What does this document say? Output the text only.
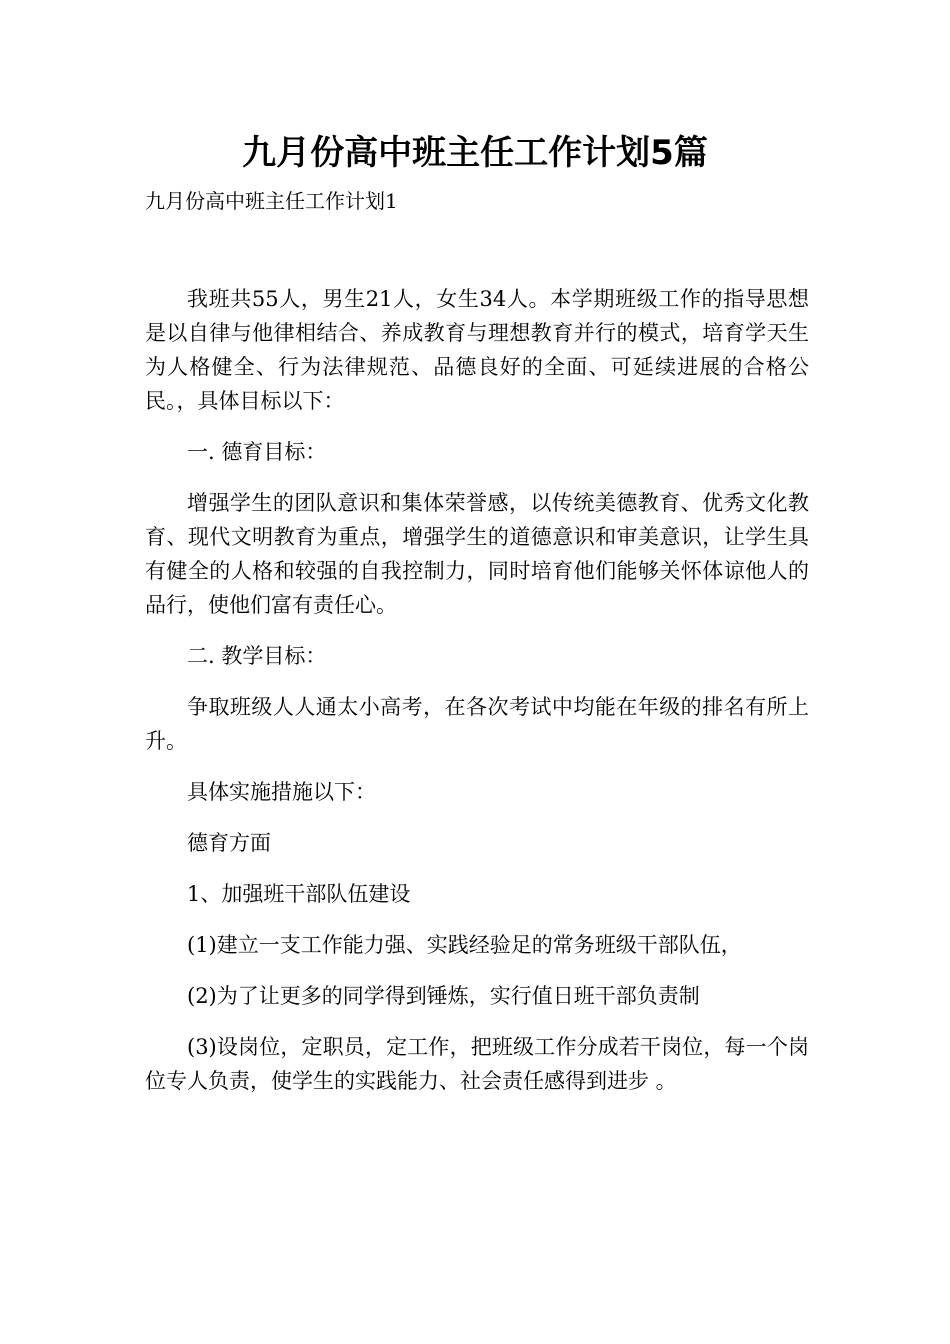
九月份高中班主任工作计划5篇
九月份高中班主任工作计划1

我班共55人，男生21人，女生34人。本学期班级工作的指导思想是以自律与他律相结合、养成教育与理想教育并行的模式，培育学天生为人格健全、行为法律规范、品德良好的全面、可延续进展的合格公民。，具体目标以下：

一. 德育目标：

增强学生的团队意识和集体荣誉感，以传统美德教育、优秀文化教育、现代文明教育为重点，增强学生的道德意识和审美意识，让学生具有健全的人格和较强的自我控制力，同时培育他们能够关怀体谅他人的品行，使他们富有责任心。

二. 教学目标：

争取班级人人通太小高考，在各次考试中均能在年级的排名有所上升。

具体实施措施以下：

德育方面

1、加强班干部队伍建设

(1)建立一支工作能力强、实践经验足的常务班级干部队伍，

(2)为了让更多的同学得到锤炼，实行值日班干部负责制

(3)设岗位，定职员，定工作，把班级工作分成若干岗位，每一个岗位专人负责，使学生的实践能力、社会责任感得到进步 。
